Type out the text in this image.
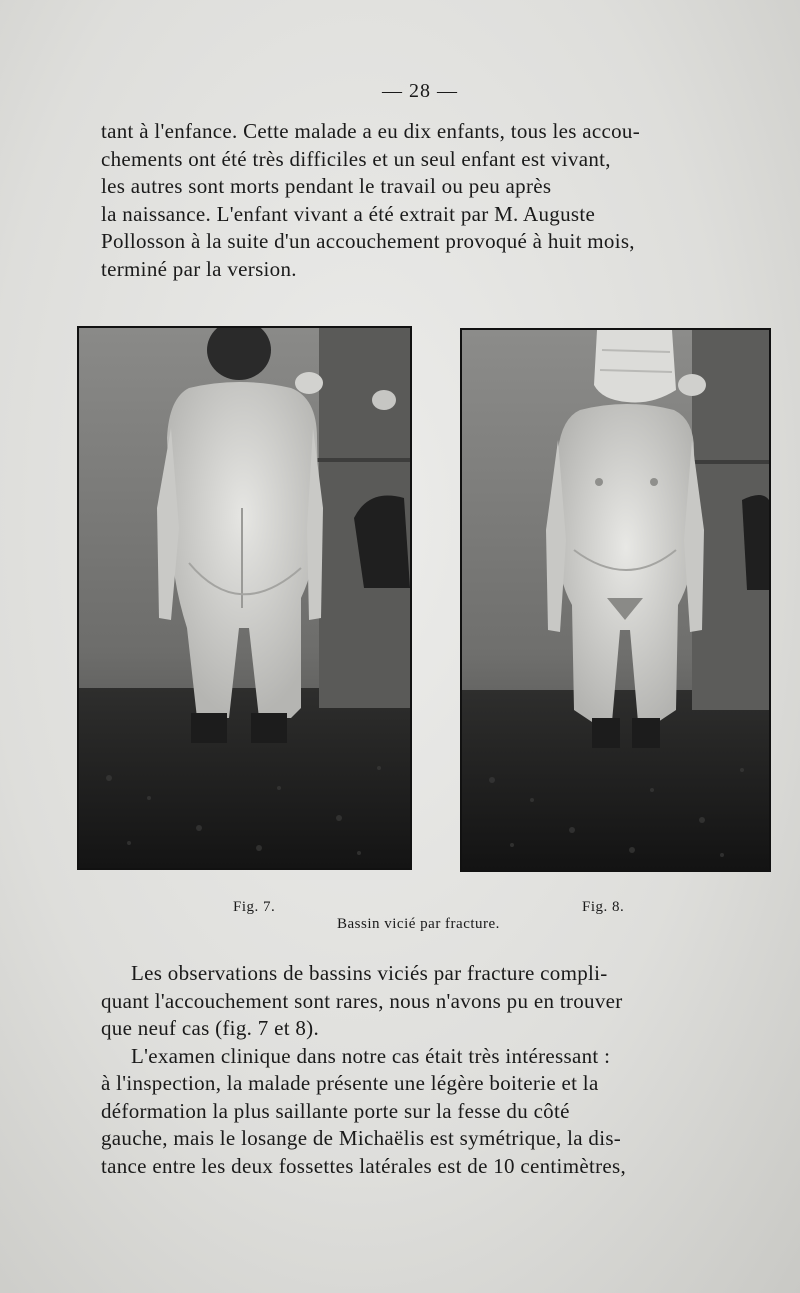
— 28 —
tant à l'enfance. Cette malade a eu dix enfants, tous les accou-
chements ont été très difficiles et un seul enfant est vivant,
les autres sont morts pendant le travail ou peu après
la naissance. L'enfant vivant a été extrait par M. Auguste
Pollosson à la suite d'un accouchement provoqué à huit mois,
terminé par la version.
Fig. 7.	Fig. 8.
Bassin vicié par fracture.
Les observations de bassins viciés par fracture compli-
quant l'accouchement sont rares, nous n'avons pu en trouver
que neuf cas (fig. 7 et 8).
L'examen clinique dans notre cas était très intéressant :
à l'inspection, la malade présente une légère boiterie et la
déformation la plus saillante porte sur la fesse du côté
gauche, mais le losange de Michaëlis est symétrique, la dis-
tance entre les deux fossettes latérales est de 10 centimètres,
